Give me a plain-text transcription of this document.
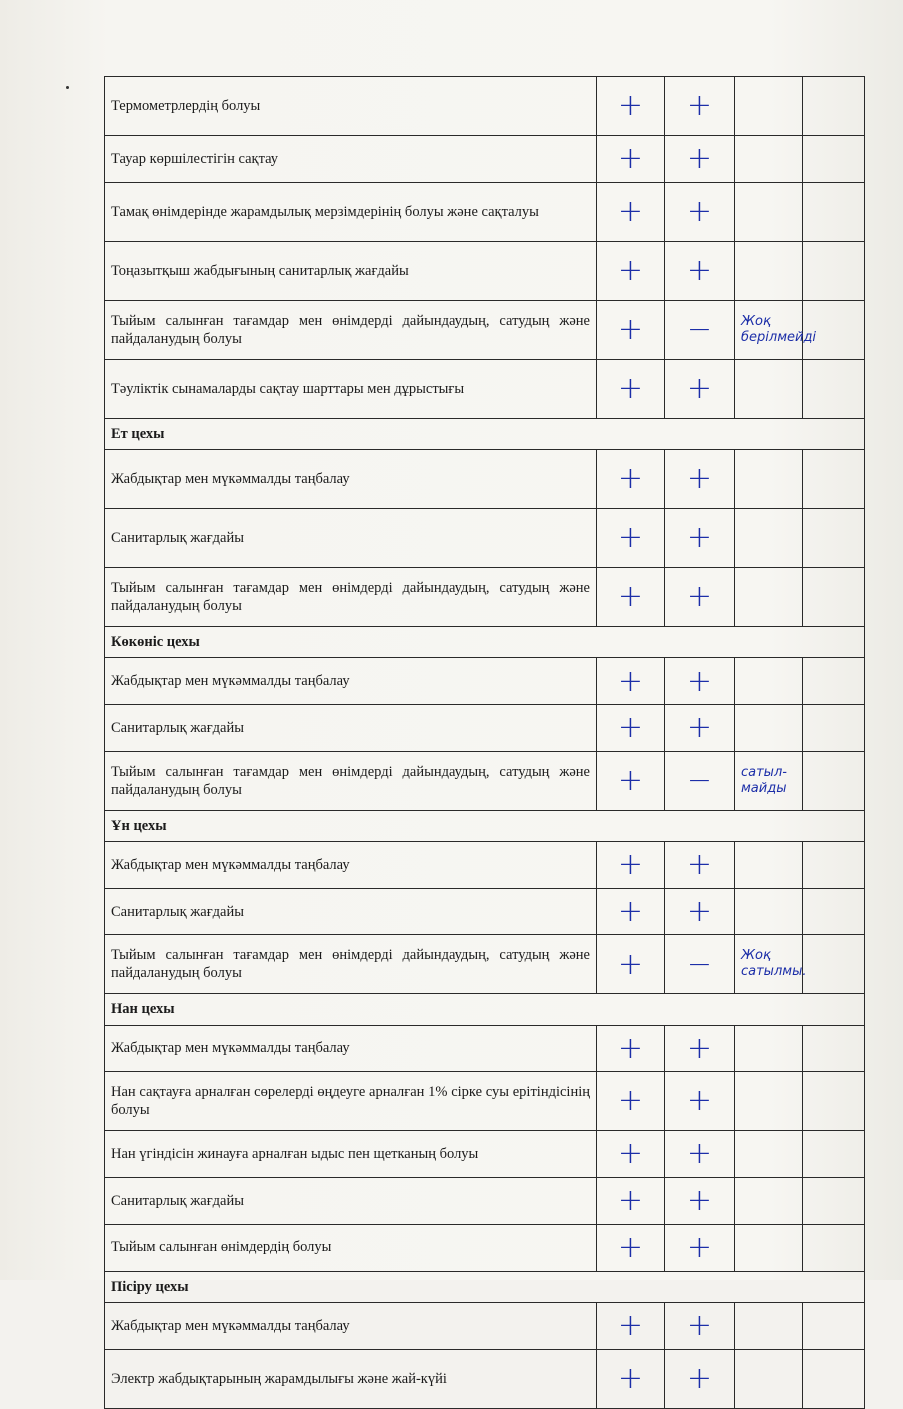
Термометрлердің болуы	+	+		
Тауар көршілестігін сақтау	+	+		
Тамақ өнімдерінде жарамдылық мерзімдерінің болуы және сақталуы	+	+		
Тоңазытқыш жабдығының санитарлық жағдайы	+	+		
Тыйым салынған тағамдар мен өнімдерді дайындаудың, сатудың және пайдаланудың болуы	+	−	Жоқ берілмейді	
Тәуліктік сынамаларды сақтау шарттары мен дұрыстығы	+	+		
Ет цехы				
Жабдықтар мен мүкәммалды таңбалау	+	+		
Санитарлық жағдайы	+	+		
Тыйым салынған тағамдар мен өнімдерді дайындаудың, сатудың және пайдаланудың болуы	+	+		
Көкөніс цехы				
Жабдықтар мен мүкәммалды таңбалау	+	+		
Санитарлық жағдайы	+	+		
Тыйым салынған тағамдар мен өнімдерді дайындаудың, сатудың және пайдаланудың болуы	+	−	сатыл-майды	
Ұн цехы				
Жабдықтар мен мүкәммалды таңбалау	+	+		
Санитарлық жағдайы	+	+		
Тыйым салынған тағамдар мен өнімдерді дайындаудың, сатудың және пайдаланудың болуы	+	−	Жоқ сатылмы.	
Нан цехы				
Жабдықтар мен мүкәммалды таңбалау	+	+		
Нан сақтауға арналған сөрелерді өңдеуге арналған 1% сірке суы ерітіндісінің болуы	+	+		
Нан үгіндісін жинауға арналған ыдыс пен щетканың болуы	+	+		
Санитарлық жағдайы	+	+		
Тыйым салынған өнімдердің болуы	+	+		
Пісіру цехы				
Жабдықтар мен мүкәммалды таңбалау	+	+		
Электр жабдықтарының жарамдылығы және жай-күйі	+	+		
